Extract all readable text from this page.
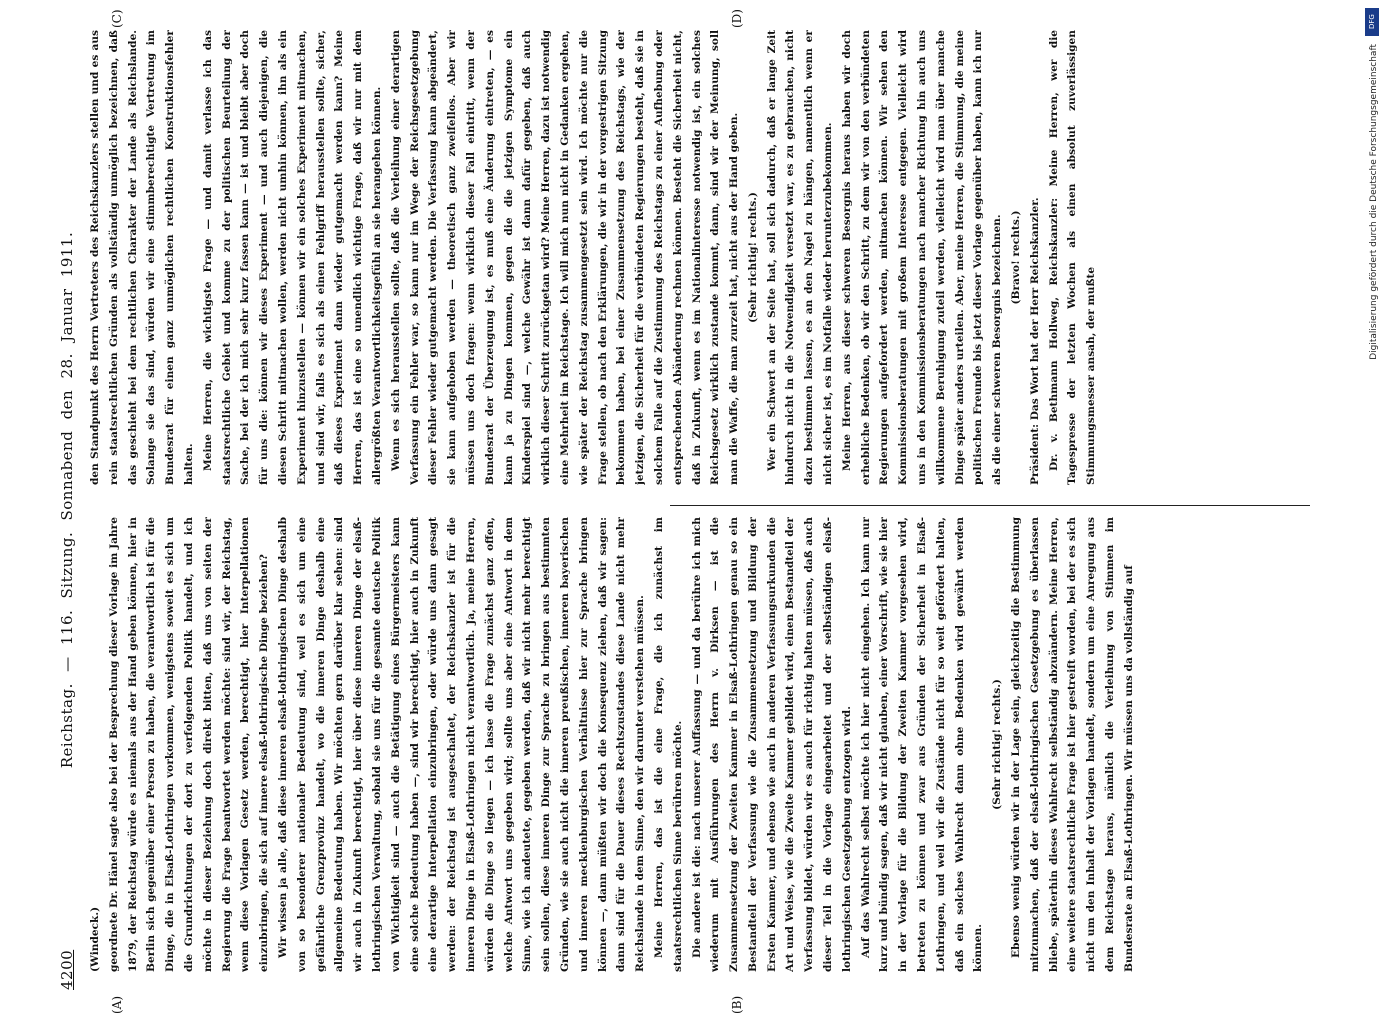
4200
Reichstag. — 116. Sitzung. Sonnabend den 28. Januar 1911.
(A)	(B)
(C)	(D)

(Windeck.) geordnete Dr. Hänel sagte also bei der Besprechung dieser Vorlage im Jahre 1879, der Reichstag würde es niemals aus der Hand geben können, hier in Berlin sich gegenüber einer Person zu haben, die verantwortlich ist für die Dinge, die in Elsaß-Lothringen vorkommen, wenigstens soweit es sich um die Grundrichtungen der dort zu verfolgenden Politik handelt, und ich möchte in dieser Beziehung doch direkt bitten, daß uns von seiten der Regierung die Frage beantwortet werden möchte: sind wir, der Reichstag, wenn diese Vorlagen Gesetz werden, berechtigt, hier Interpellationen einzubringen, die sich auf innere elsaß-lothringische Dinge beziehen? Wir wissen ja alle, daß diese inneren elsaß-lothringischen Dinge deshalb von so besonderer nationaler Bedeutung sind, weil es sich um eine gefährliche Grenzprovinz handelt, wo die inneren Dinge deshalb eine allgemeine Bedeutung haben. Wir möchten gern darüber klar sehen: sind wir auch in Zukunft berechtigt, hier über diese inneren Dinge der elsaß-lothringischen Verwaltung, sobald sie uns für die gesamte deutsche Politik von Wichtigkeit sind — auch die Betätigung eines Bürgermeisters kann eine solche Bedeutung haben —, sind wir berechtigt, hier auch in Zukunft eine derartige Interpellation einzubringen, oder würde uns dann gesagt werden: der Reichstag ist ausgeschaltet, der Reichskanzler ist für die inneren Dinge in Elsaß-Lothringen nicht verantwortlich. Ja, meine Herren, würden die Dinge so liegen — ich lasse die Frage zunächst ganz offen, welche Antwort uns gegeben wird; sollte uns aber eine Antwort in dem Sinne, wie ich andeutete, gegeben werden, daß wir nicht mehr berechtigt sein sollen, diese inneren Dinge zur Sprache zu bringen aus bestimmten Gründen, wie sie auch nicht die inneren preußischen, inneren bayerischen und inneren mecklenburgischen Verhältnisse hier zur Sprache bringen können —, dann müßten wir doch die Konsequenz ziehen, daß wir sagen: dann sind für die Dauer dieses Rechtszustandes diese Lande nicht mehr Reichslande in dem Sinne, den wir darunter verstehen müssen. Meine Herren, das ist die eine Frage, die ich zunächst im staatsrechtlichen Sinne berühren möchte. Die andere ist die: nach unserer Auffassung — und da berühre ich mich wiederum mit Ausführungen des Herrn v. Dirksen — ist die Zusammensetzung der Zweiten Kammer in Elsaß-Lothringen genau so ein Bestandteil der Verfassung wie die Zusammensetzung und Bildung der Ersten Kammer, und ebenso wie auch in anderen Verfassungsurkunden die Art und Weise, wie die Zweite Kammer gebildet wird, einen Bestandteil der Verfassung bildet, würden wir es auch für richtig halten müssen, daß auch dieser Teil in die Vorlage eingearbeitet und der selbständigen elsaß-lothringischen Gesetzgebung entzogen wird. Auf das Wahlrecht selbst möchte ich hier nicht eingehen. Ich kann nur kurz und bündig sagen, daß wir nicht glauben, einer Vorschrift, wie sie hier in der Vorlage für die Bildung der Zweiten Kammer vorgesehen wird, betreten zu können und zwar aus Gründen der Sicherheit in Elsaß-Lothringen, und weil wir die Zustände nicht für so weit gefördert halten, daß ein solches Wahlrecht dann ohne Bedenken wird gewährt werden können.

(Sehr richtig! rechts.) Ebenso wenig würden wir in der Lage sein, gleichzeitig die Bestimmung mitzumachen, daß der elsaß-lothringischen Gesetzgebung es überlassen bliebe, späterhin dieses Wahlrecht selbständig abzuändern. Meine Herren, eine weitere staatsrechtliche Frage ist hier gestreift worden, bei der es sich nicht um den Inhalt der Vorlagen handelt, sondern um eine Anregung aus dem Reichstage heraus, nämlich die Verleihung von Stimmen im Bundesrate an Elsaß-Lothringen. Wir müssen uns da vollständig auf

den Standpunkt des Herrn Vertreters des Reichskanzlers stellen und es aus rein staatsrechtlichen Gründen als vollständig unmöglich bezeichnen, daß das geschieht bei dem rechtlichen Charakter der Lande als Reichslande. Solange sie das sind, würden wir eine stimmberechtigte Vertretung im Bundesrat für einen ganz unmöglichen rechtlichen Konstruktionsfehler halten. Meine Herren, die wichtigste Frage — und damit verlasse ich das staatsrechtliche Gebiet und komme zu der politischen Beurteilung der Sache, bei der ich mich sehr kurz fassen kann — ist und bleibt aber doch für uns die: können wir dieses Experiment — und auch diejenigen, die diesen Schritt mitmachen wollen, werden nicht umhin können, ihn als ein Experiment hinzustellen — können wir ein solches Experiment mitmachen, und sind wir, falls es sich als einen Fehlgriff herausstellen sollte, sicher, daß dieses Experiment dann wieder gutgemacht werden kann? Meine Herren, das ist eine so unendlich wichtige Frage, daß wir nur mit dem allergrößten Verantwortlichkeitsgefühl an sie herangehen können. Wenn es sich herausstellen sollte, daß die Verleihung einer derartigen Verfassung ein Fehler war, so kann nur im Wege der Reichsgesetzgebung dieser Fehler wieder gutgemacht werden. Die Verfassung kann abgeändert, sie kann aufgehoben werden — theoretisch ganz zweifellos. Aber wir müssen uns doch fragen: wenn wirklich dieser Fall eintritt, wenn der Bundesrat der Überzeugung ist, es muß eine Änderung eintreten, — es kann ja zu Dingen kommen, gegen die die jetzigen Symptome ein Kinderspiel sind —, welche Gewähr ist dann dafür gegeben, daß auch wirklich dieser Schritt zurückgetan wird? Meine Herren, dazu ist notwendig eine Mehrheit im Reichstage. Ich will mich nun nicht in Gedanken ergehen, wie später der Reichstag zusammengesetzt sein wird. Ich möchte nur die Frage stellen, ob nach den Erklärungen, die wir in der vorgestrigen Sitzung bekommen haben, bei einer Zusammensetzung des Reichstags, wie der jetzigen, die Sicherheit für die verbündeten Regierungen besteht, daß sie in solchem Falle auf die Zustimmung des Reichstags zu einer Aufhebung oder entsprechenden Abänderung rechnen können. Besteht die Sicherheit nicht, daß in Zukunft, wenn es im Nationalinteresse notwendig ist, ein solches Reichsgesetz wirklich zustande kommt, dann, sind wir der Meinung, soll man die Waffe, die man zurzeit hat, nicht aus der Hand geben. (Sehr richtig! rechts.) Wer ein Schwert an der Seite hat, soll sich dadurch, daß er lange Zeit hindurch nicht in die Notwendigkeit versetzt war, es zu gebrauchen, nicht dazu bestimmen lassen, es an den Nagel zu hängen, namentlich wenn er nicht sicher ist, es im Notfalle wieder herunterzubekommen. Meine Herren, aus dieser schweren Besorgnis heraus haben wir doch erhebliche Bedenken, ob wir den Schritt, zu dem wir von den verbündeten Regierungen aufgefordert werden, mitmachen können. Wir sehen den Kommissionsberatungen mit großem Interesse entgegen. Vielleicht wird uns in den Kommissionsberatungen nach mancher Richtung hin auch uns willkommene Beruhigung zuteil werden, vielleicht wird man über manche Dinge später anders urteilen. Aber, meine Herren, die Stimmung, die meine politischen Freunde bis jetzt dieser Vorlage gegenüber haben, kann ich nur als die einer schweren Besorgnis bezeichnen. (Bravo! rechts.) Präsident: Das Wort hat der Herr Reichskanzler. Dr. v. Bethmann Hollweg, Reichskanzler: Meine Herren, wer die Tagespresse der letzten Wochen als einen absolut zuverlässigen Stimmungsmesser ansah, der mußte

DFG
Digitalisierung gefördert durch die Deutsche Forschungsgemeinschaft
